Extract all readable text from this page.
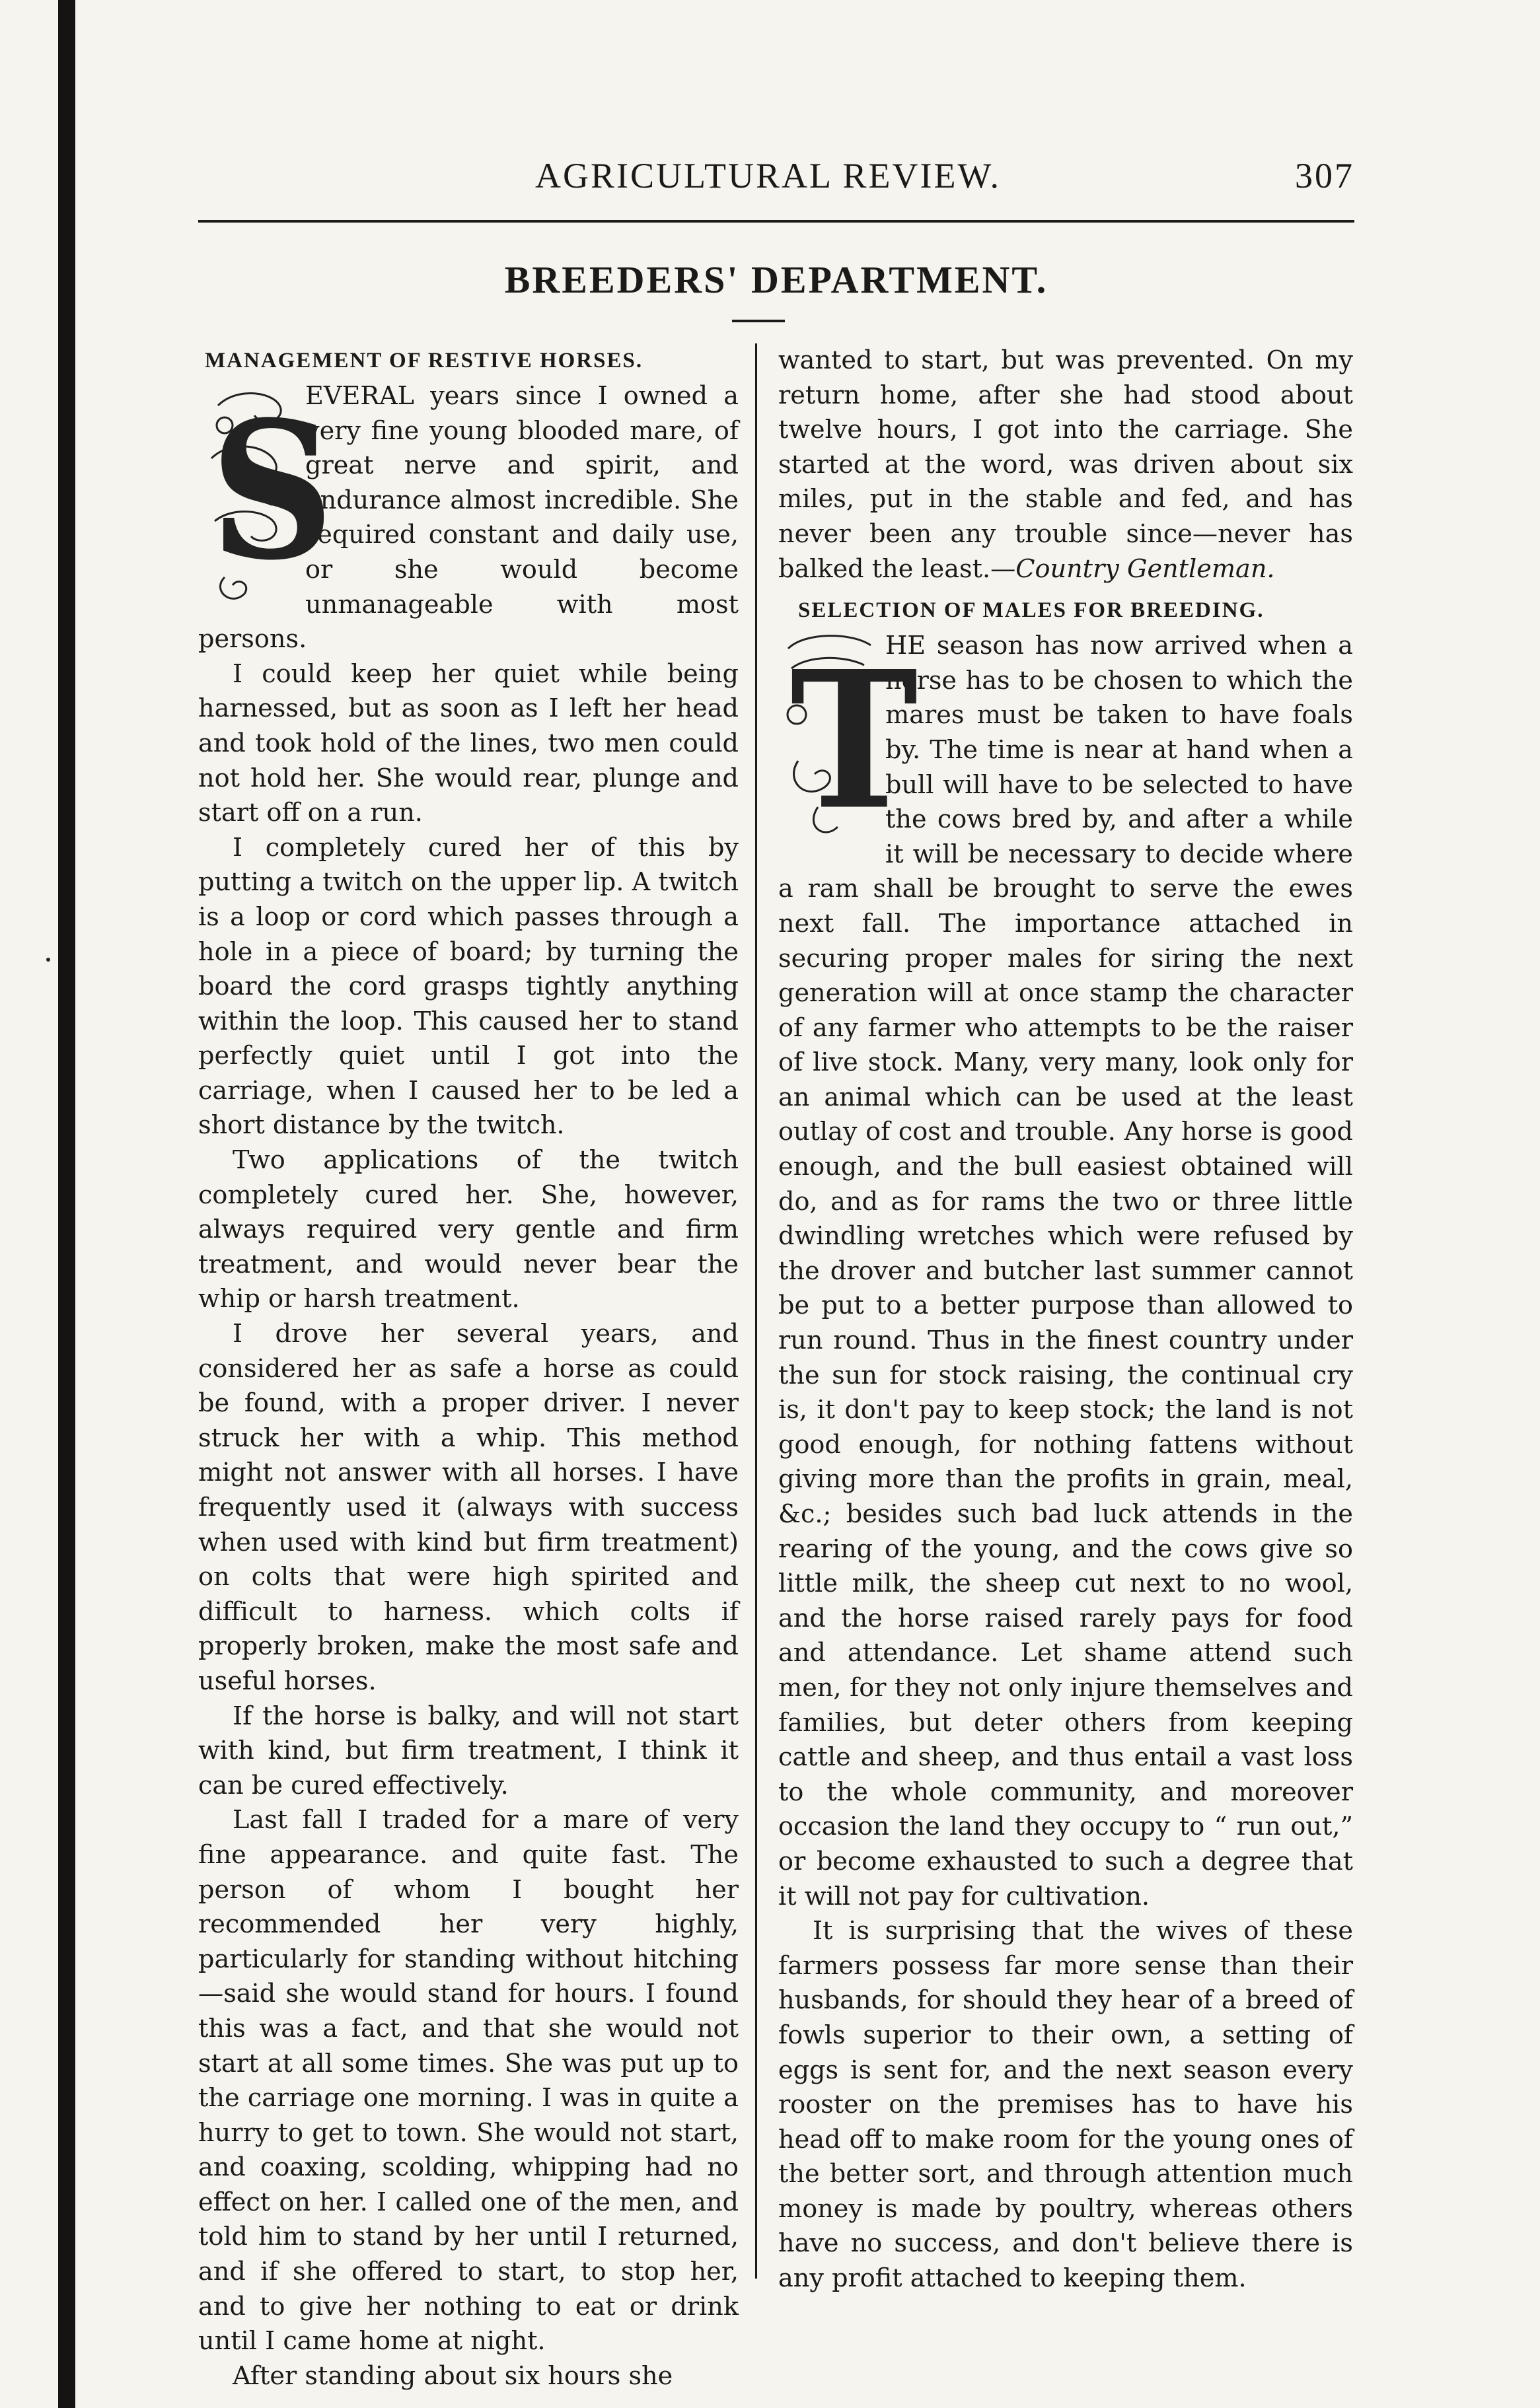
AGRICULTURAL REVIEW.	307
BREEDERS' DEPARTMENT.
MANAGEMENT OF RESTIVE HORSES.
S

EVERAL years since I owned a very fine young blooded mare, of great nerve and spirit, and endurance almost incredible. She required constant and daily use, or she would become unmanageable with most persons.

I could keep her quiet while being harnessed, but as soon as I left her head and took hold of the lines, two men could not hold her. She would rear, plunge and start off on a run.

I completely cured her of this by putting a twitch on the upper lip. A twitch is a loop or cord which passes through a hole in a piece of board; by turning the board the cord grasps tightly anything within the loop. This caused her to stand perfectly quiet until I got into the carriage, when I caused her to be led a short distance by the twitch.

Two applications of the twitch completely cured her. She, however, always required very gentle and firm treatment, and would never bear the whip or harsh treatment.

I drove her several years, and considered her as safe a horse as could be found, with a proper driver. I never struck her with a whip. This method might not answer with all horses. I have frequently used it (always with success when used with kind but firm treatment) on colts that were high spirited and difficult to harness. which colts if properly broken, make the most safe and useful horses.

If the horse is balky, and will not start with kind, but firm treatment, I think it can be cured effectively.

Last fall I traded for a mare of very fine appearance. and quite fast. The person of whom I bought her recommended her very highly, particularly for standing without hitching—said she would stand for hours. I found this was a fact, and that she would not start at all some times. She was put up to the carriage one morning. I was in quite a hurry to get to town. She would not start, and coaxing, scolding, whipping had no effect on her. I called one of the men, and told him to stand by her until I returned, and if she offered to start, to stop her, and to give her nothing to eat or drink until I came home at night.

After standing about six hours she

wanted to start, but was prevented. On my return home, after she had stood about twelve hours, I got into the carriage. She started at the word, was driven about six miles, put in the stable and fed, and has never been any trouble since—never has balked the least.—Country Gentleman.

SELECTION OF MALES FOR BREEDING.
T

HE season has now arrived when a horse has to be chosen to which the mares must be taken to have foals by. The time is near at hand when a bull will have to be selected to have the cows bred by, and after a while it will be necessary to decide where a ram shall be brought to serve the ewes next fall. The importance attached in securing proper males for siring the next generation will at once stamp the character of any farmer who attempts to be the raiser of live stock. Many, very many, look only for an animal which can be used at the least outlay of cost and trouble. Any horse is good enough, and the bull easiest obtained will do, and as for rams the two or three little dwindling wretches which were refused by the drover and butcher last summer cannot be put to a better purpose than allowed to run round. Thus in the finest country under the sun for stock raising, the continual cry is, it don't pay to keep stock; the land is not good enough, for nothing fattens without giving more than the profits in grain, meal, &c.; besides such bad luck attends in the rearing of the young, and the cows give so little milk, the sheep cut next to no wool, and the horse raised rarely pays for food and attendance. Let shame attend such men, for they not only injure themselves and families, but deter others from keeping cattle and sheep, and thus entail a vast loss to the whole community, and moreover occasion the land they occupy to “ run out,” or become exhausted to such a degree that it will not pay for cultivation.

It is surprising that the wives of these farmers possess far more sense than their husbands, for should they hear of a breed of fowls superior to their own, a setting of eggs is sent for, and the next season every rooster on the premises has to have his head off to make room for the young ones of the better sort, and through attention much money is made by poultry, whereas others have no success, and don't believe there is any profit attached to keeping them.
